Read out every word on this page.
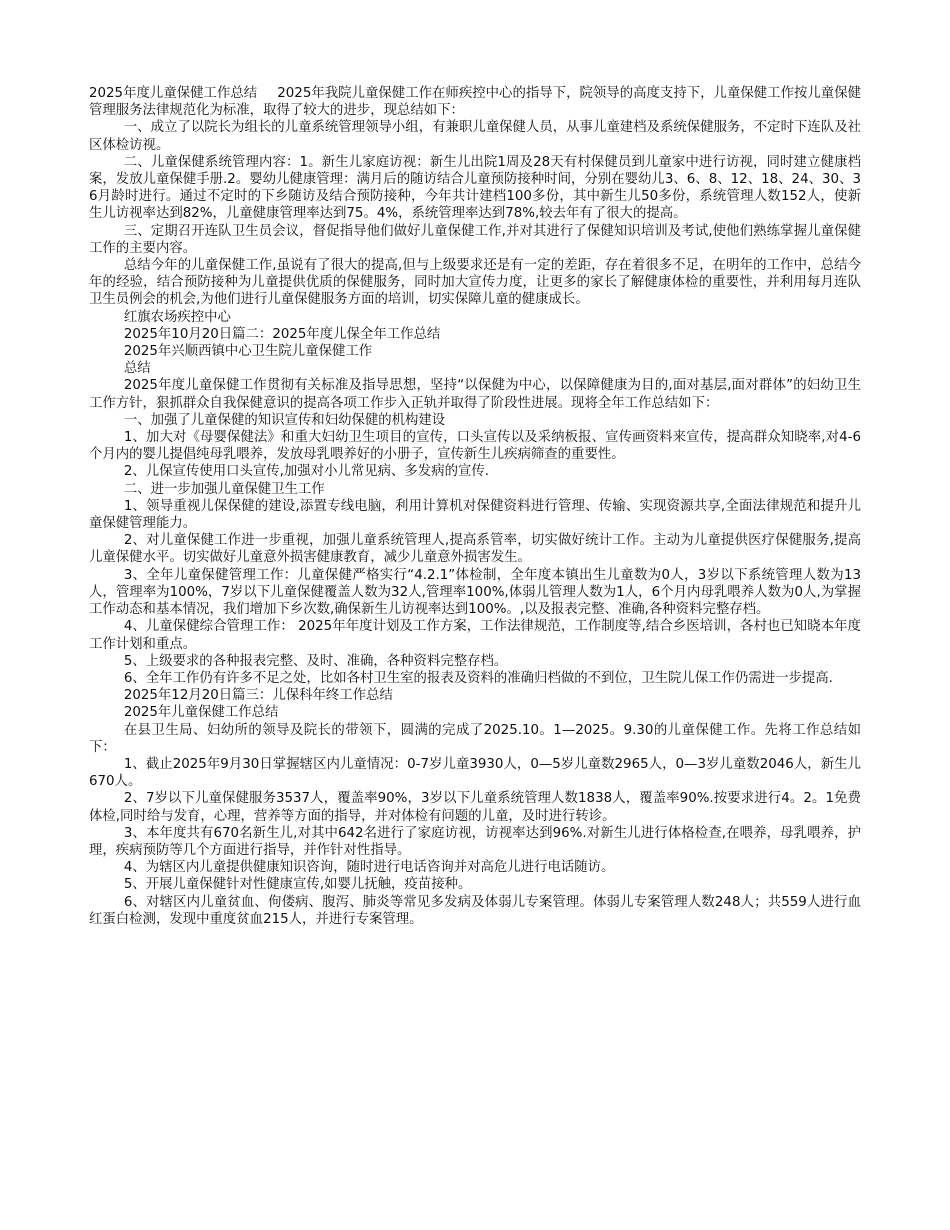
2025年度儿童保健工作总结 2025年我院儿童保健工作在师疾控中心的指导下，院领导的高度支持下，儿童保健工作按儿童保健管理服务法律规范化为标准，取得了较大的进步，现总结如下：

一、成立了以院长为组长的儿童系统管理领导小组，有兼职儿童保健人员，从事儿童建档及系统保健服务，不定时下连队及社区体检访视。

二、儿童保健系统管理内容：1。新生儿家庭访视：新生儿出院1周及28天有村保健员到儿童家中进行访视，同时建立健康档案，发放儿童保健手册.2。婴幼儿健康管理：满月后的随访结合儿童预防接种时间，分别在婴幼儿3、6、8、12、18、24、30、36月龄时进行。通过不定时的下乡随访及结合预防接种，今年共计建档100多份，其中新生儿50多份，系统管理人数152人，使新生儿访视率达到82%，儿童健康管理率达到75。4%，系统管理率达到78%,较去年有了很大的提高。

三、定期召开连队卫生员会议，督促指导他们做好儿童保健工作,并对其进行了保健知识培训及考试,使他们熟练掌握儿童保健工作的主要内容。

总结今年的儿童保健工作,虽说有了很大的提高,但与上级要求还是有一定的差距，存在着很多不足，在明年的工作中，总结今年的经验，结合预防接种为儿童提供优质的保健服务，同时加大宣传力度，让更多的家长了解健康体检的重要性，并利用每月连队卫生员例会的机会,为他们进行儿童保健服务方面的培训，切实保障儿童的健康成长。

红旗农场疾控中心

2025年10月20日篇二：2025年度儿保全年工作总结

2025年兴顺西镇中心卫生院儿童保健工作

总结

2025年度儿童保健工作贯彻有关标准及指导思想，坚持“以保健为中心，以保障健康为目的,面对基层,面对群体”的妇幼卫生工作方针，狠抓群众自我保健意识的提高各项工作步入正轨并取得了阶段性进展。现将全年工作总结如下：

一、加强了儿童保健的知识宣传和妇幼保健的机构建设

1、加大对《母婴保健法》和重大妇幼卫生项目的宣传，口头宣传以及采纳板报、宣传画资料来宣传，提高群众知晓率,对4-6个月内的婴儿提倡纯母乳喂养，发放母乳喂养好的小册子，宣传新生儿疾病筛查的重要性。

2、儿保宣传使用口头宣传,加强对小儿常见病、多发病的宣传.

二、进一步加强儿童保健卫生工作

1、领导重视儿保保健的建设,添置专线电脑，利用计算机对保健资料进行管理、传输、实现资源共享,全面法律规范和提升儿童保健管理能力。

2、对儿童保健工作进一步重视，加强儿童系统管理人,提高系管率，切实做好统计工作。主动为儿童提供医疗保健服务,提高儿童保健水平。切实做好儿童意外损害健康教育，减少儿童意外损害发生。

3、全年儿童保健管理工作：儿童保健严格实行“4.2.1”体检制，全年度本镇出生儿童数为0人，3岁以下系统管理人数为13人，管理率为100%，7岁以下儿童保健覆盖人数为32人,管理率100%,体弱儿管理人数为1人，6个月内母乳喂养人数为0人,为掌握工作动态和基本情况，我们增加下乡次数,确保新生儿访视率达到100%。,以及报表完整、准确,各种资料完整存档。

4、儿童保健综合管理工作： 2025年年度计划及工作方案，工作法律规范，工作制度等,结合乡医培训，各村也已知晓本年度工作计划和重点。

5、上级要求的各种报表完整、及时、准确，各种资料完整存档。

6、全年工作仍有许多不足之处，比如各村卫生室的报表及资料的准确归档做的不到位，卫生院儿保工作仍需进一步提高.

2025年12月20日篇三：儿保科年终工作总结

2025年儿童保健工作总结

在县卫生局、妇幼所的领导及院长的带领下，圆满的完成了2025.10。1—2025。9.30的儿童保健工作。先将工作总结如下：

1、截止2025年9月30日掌握辖区内儿童情况：0-7岁儿童3930人，0—5岁儿童数2965人，0—3岁儿童数2046人，新生儿670人。

2、7岁以下儿童保健服务3537人，覆盖率90%，3岁以下儿童系统管理人数1838人，覆盖率90%.按要求进行4。2。1免费体检,同时给与发育，心理，营养等方面的指导，并对体检有问题的儿童，及时进行转诊。

3、本年度共有670名新生儿,对其中642名进行了家庭访视，访视率达到96%.对新生儿进行体格检查,在喂养，母乳喂养，护理，疾病预防等几个方面进行指导，并作针对性指导。

4、为辖区内儿童提供健康知识咨询，随时进行电话咨询并对高危儿进行电话随访。

5、开展儿童保健针对性健康宣传,如婴儿抚触，疫苗接种。

6、对辖区内儿童贫血、佝偻病、腹泻、肺炎等常见多发病及体弱儿专案管理。体弱儿专案管理人数248人；共559人进行血红蛋白检测，发现中重度贫血215人，并进行专案管理。
